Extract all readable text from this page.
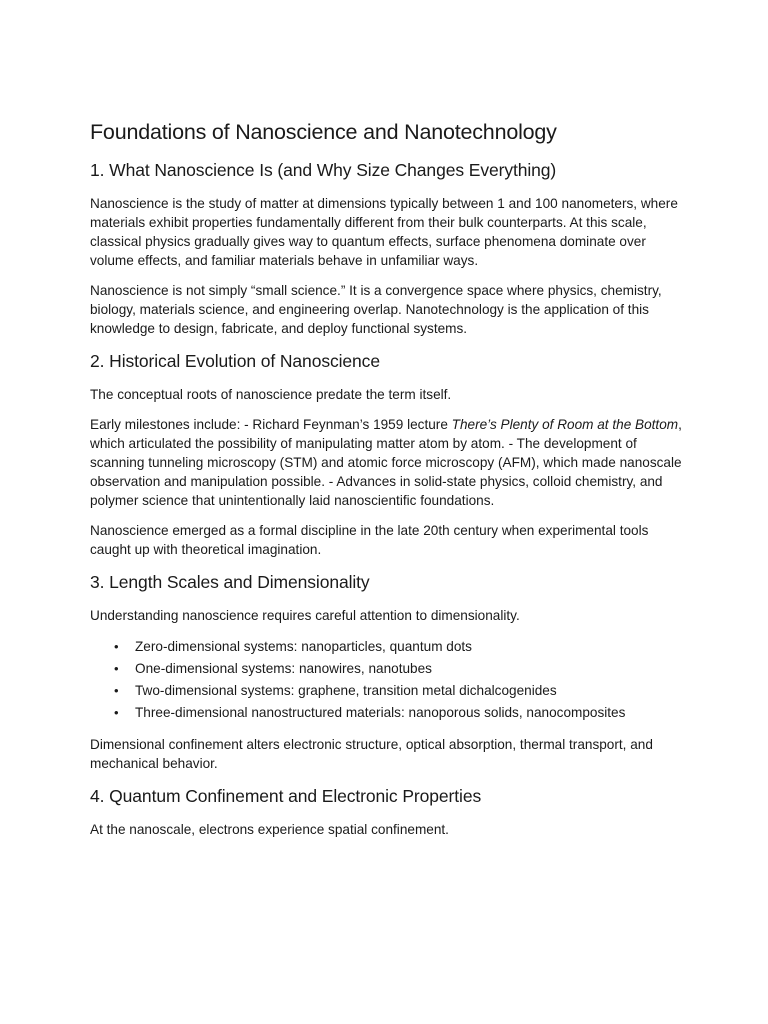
Foundations of Nanoscience and Nanotechnology
1. What Nanoscience Is (and Why Size Changes Everything)

Nanoscience is the study of matter at dimensions typically between 1 and 100 nanometers, where materials exhibit properties fundamentally different from their bulk counterparts. At this scale, classical physics gradually gives way to quantum effects, surface phenomena dominate over volume effects, and familiar materials behave in unfamiliar ways.

Nanoscience is not simply “small science.” It is a convergence space where physics, chemistry, biology, materials science, and engineering overlap. Nanotechnology is the application of this knowledge to design, fabricate, and deploy functional systems.

2. Historical Evolution of Nanoscience

The conceptual roots of nanoscience predate the term itself.

Early milestones include: - Richard Feynman’s 1959 lecture There’s Plenty of Room at the Bottom, which articulated the possibility of manipulating matter atom by atom. - The development of scanning tunneling microscopy (STM) and atomic force microscopy (AFM), which made nanoscale observation and manipulation possible. - Advances in solid-state physics, colloid chemistry, and polymer science that unintentionally laid nanoscientific foundations.

Nanoscience emerged as a formal discipline in the late 20th century when experimental tools caught up with theoretical imagination.

3. Length Scales and Dimensionality

Understanding nanoscience requires careful attention to dimensionality.

• Zero-dimensional systems: nanoparticles, quantum dots
• One-dimensional systems: nanowires, nanotubes
• Two-dimensional systems: graphene, transition metal dichalcogenides
• Three-dimensional nanostructured materials: nanoporous solids, nanocomposites

Dimensional confinement alters electronic structure, optical absorption, thermal transport, and mechanical behavior.

4. Quantum Confinement and Electronic Properties

At the nanoscale, electrons experience spatial confinement.
